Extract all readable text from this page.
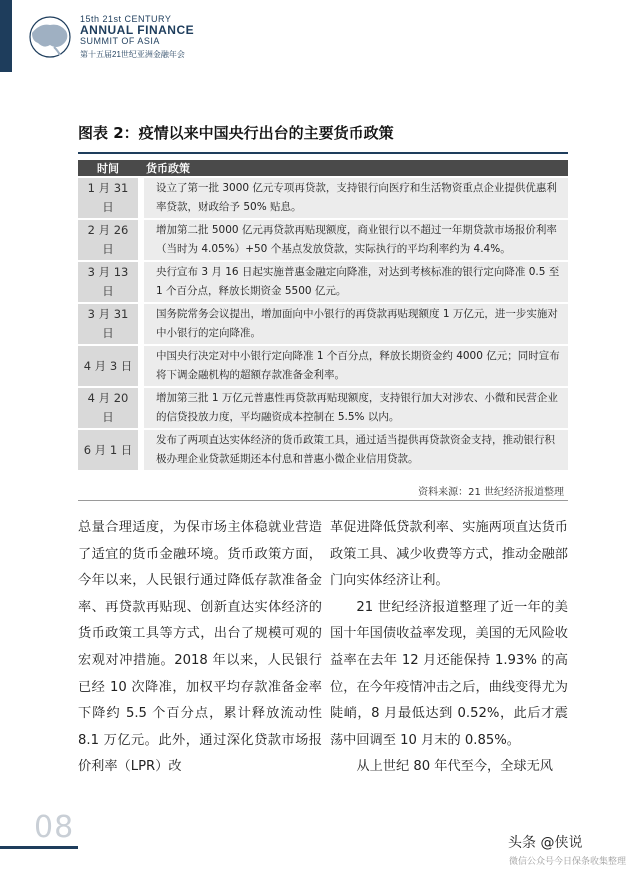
15th 21st CENTURY
ANNUAL FINANCE
SUMMIT OF ASIA
第十五届21世纪亚洲金融年会
图表 2：疫情以来中国央行出台的主要货币政策
时间	货币政策
1 月 31 日	设立了第一批 3000 亿元专项再贷款，支持银行向医疗和生活物资重点企业提供优惠利率贷款，财政给予 50% 贴息。
2 月 26 日	增加第二批 5000 亿元再贷款再贴现额度，商业银行以不超过一年期贷款市场报价利率（当时为 4.05%）+50 个基点发放贷款，实际执行的平均利率约为 4.4%。
3 月 13 日	央行宣布 3 月 16 日起实施普惠金融定向降准，对达到考核标准的银行定向降准 0.5 至 1 个百分点，释放长期资金 5500 亿元。
3 月 31 日	国务院常务会议提出，增加面向中小银行的再贷款再贴现额度 1 万亿元，进一步实施对中小银行的定向降准。
4 月 3 日	中国央行决定对中小银行定向降准 1 个百分点，释放长期资金约 4000 亿元；同时宣布将下调金融机构的超额存款准备金利率。
4 月 20 日	增加第三批 1 万亿元普惠性再贷款再贴现额度，支持银行加大对涉农、小微和民营企业的信贷投放力度，平均融资成本控制在 5.5% 以内。
6 月 1 日	发布了两项直达实体经济的货币政策工具，通过适当提供再贷款资金支持，推动银行积极办理企业贷款延期还本付息和普惠小微企业信用贷款。
资料来源：21 世纪经济报道整理

总量合理适度，为保市场主体稳就业营造了适宜的货币金融环境。货币政策方面，今年以来，人民银行通过降低存款准备金率、再贷款再贴现、创新直达实体经济的货币政策工具等方式，出台了规模可观的宏观对冲措施。2018 年以来，人民银行已经 10 次降准，加权平均存款准备金率下降约 5.5 个百分点，累计释放流动性 8.1 万亿元。此外，通过深化贷款市场报价利率（LPR）改

革促进降低贷款利率、实施两项直达货币政策工具、减少收费等方式，推动金融部门向实体经济让利。

21 世纪经济报道整理了近一年的美国十年国债收益率发现，美国的无风险收益率在去年 12 月还能保持 1.93% 的高位，在今年疫情冲击之后，曲线变得尤为陡峭，8 月最低达到 0.52%，此后才震荡中回调至 10 月末的 0.85%。

从上世纪 80 年代至今，全球无风

08	头条 @侠说
微信公众号今日保条收集整理
